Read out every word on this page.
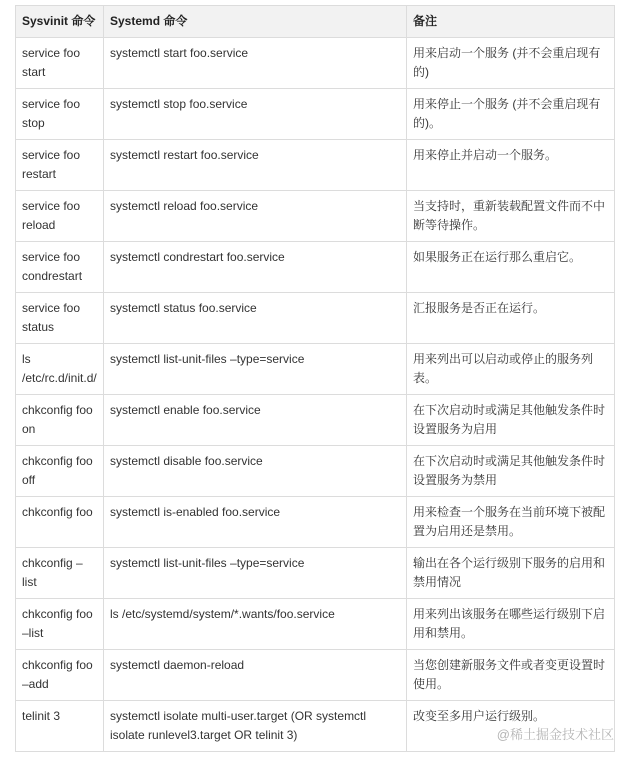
Sysvinit 命令	Systemd 命令	备注
service foo start	systemctl start foo.service	用来启动一个服务 (并不会重启现有的)
service foo stop	systemctl stop foo.service	用来停止一个服务 (并不会重启现有的)。
service foo restart	systemctl restart foo.service	用来停止并启动一个服务。
service foo reload	systemctl reload foo.service	当支持时，重新装载配置文件而不中断等待操作。
service foo condrestart	systemctl condrestart foo.service	如果服务正在运行那么重启它。
service foo status	systemctl status foo.service	汇报服务是否正在运行。
ls /etc/rc.d/init.d/	systemctl list-unit-files –type=service	用来列出可以启动或停止的服务列表。
chkconfig foo on	systemctl enable foo.service	在下次启动时或满足其他触发条件时设置服务为启用
chkconfig foo off	systemctl disable foo.service	在下次启动时或满足其他触发条件时设置服务为禁用
chkconfig foo	systemctl is-enabled foo.service	用来检查一个服务在当前环境下被配置为启用还是禁用。
chkconfig –list	systemctl list-unit-files –type=service	输出在各个运行级别下服务的启用和禁用情况
chkconfig foo –list	ls /etc/systemd/system/*.wants/foo.service	用来列出该服务在哪些运行级别下启用和禁用。
chkconfig foo –add	systemctl daemon-reload	当您创建新服务文件或者变更设置时使用。
telinit 3	systemctl isolate multi-user.target (OR systemctl isolate runlevel3.target OR telinit 3)	改变至多用户运行级别。
@稀土掘金技术社区
